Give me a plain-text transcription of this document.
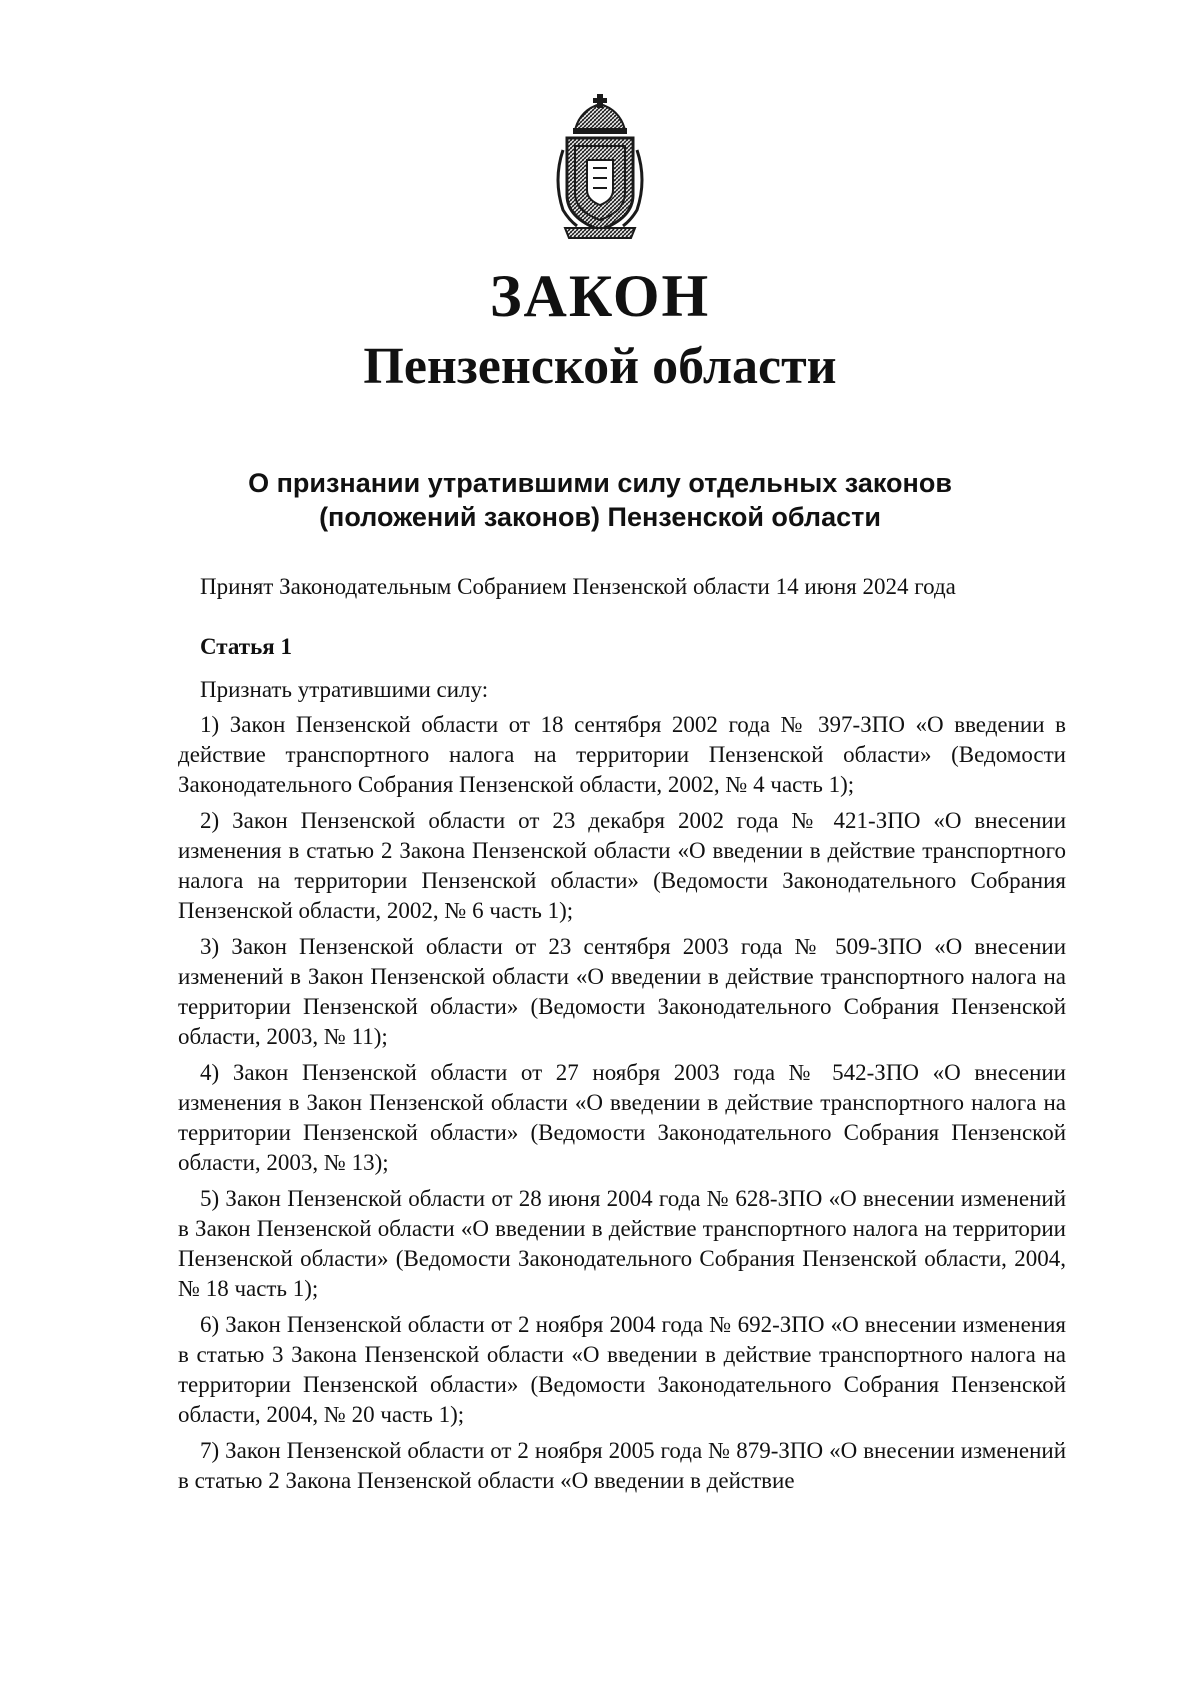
ЗАКОН
Пензенской области
О признании утратившими силу отдельных законов
(положений законов) Пензенской области
Принят Законодательным Собранием Пензенской области 14 июня 2024 года
Статья 1

Признать утратившими силу:

1) Закон Пензенской области от 18 сентября 2002 года № 397-ЗПО «О введении в действие транспортного налога на территории Пензенской области» (Ведомости Законодательного Собрания Пензенской области, 2002, № 4 часть 1);

2) Закон Пензенской области от 23 декабря 2002 года № 421-ЗПО «О внесении изменения в статью 2 Закона Пензенской области «О введении в действие транспортного налога на территории Пензенской области» (Ведомости Законодательного Собрания Пензенской области, 2002, № 6 часть 1);

3) Закон Пензенской области от 23 сентября 2003 года № 509-ЗПО «О внесении изменений в Закон Пензенской области «О введении в действие транспортного налога на территории Пензенской области» (Ведомости Законодательного Собрания Пензенской области, 2003, № 11);

4) Закон Пензенской области от 27 ноября 2003 года № 542-ЗПО «О внесении изменения в Закон Пензенской области «О введении в действие транспортного налога на территории Пензенской области» (Ведомости Законодательного Собрания Пензенской области, 2003, № 13);

5) Закон Пензенской области от 28 июня 2004 года № 628-ЗПО «О внесении изменений в Закон Пензенской области «О введении в действие транспортного налога на территории Пензенской области» (Ведомости Законодательного Собрания Пензенской области, 2004, № 18 часть 1);

6) Закон Пензенской области от 2 ноября 2004 года № 692-ЗПО «О внесении изменения в статью 3 Закона Пензенской области «О введении в действие транспортного налога на территории Пензенской области» (Ведомости Законодательного Собрания Пензенской области, 2004, № 20 часть 1);

7) Закон Пензенской области от 2 ноября 2005 года № 879-ЗПО «О внесении изменений в статью 2 Закона Пензенской области «О введении в действие
